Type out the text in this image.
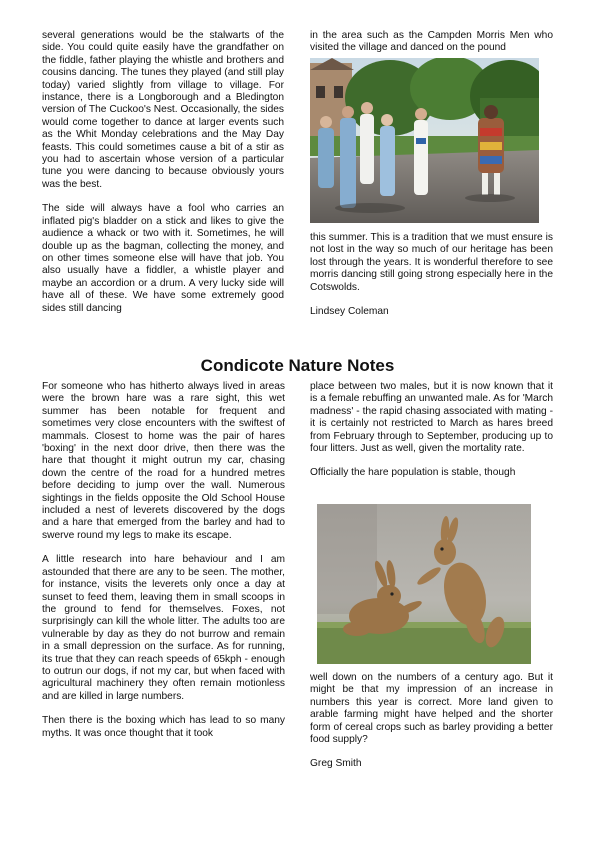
several generations would be the stalwarts of the side. You could quite easily have the grandfather on the fiddle, father playing the whistle and brothers and cousins dancing. The tunes they played (and still play today) varied slightly from village to village. For instance, there is a Longborough and a Bledington version of The Cuckoo's Nest. Occasionally, the sides would come together to dance at larger events such as the Whit Monday celebrations and the May Day feasts. This could sometimes cause a bit of a stir as you had to ascertain whose version of a particular tune you were dancing to because obviously yours was the best.

The side will always have a fool who carries an inflated pig's bladder on a stick and likes to give the audience a whack or two with it. Sometimes, he will double up as the bagman, collecting the money, and on other times someone else will have that job. You also usually have a fiddler, a whistle player and maybe an accordion or a drum. A very lucky side will have all of these. We have some extremely good sides still dancing

in the area such as the Campden Morris Men who visited the village and danced on the pound

this summer. This is a tradition that we must ensure is not lost in the way so much of our heritage has been lost through the years. It is wonderful therefore to see morris dancing still going strong especially here in the Cotswolds.

Lindsey Coleman

Condicote Nature Notes

For someone who has hitherto always lived in areas were the brown hare was a rare sight, this wet summer has been notable for frequent and sometimes very close encounters with the swiftest of mammals. Closest to home was the pair of hares 'boxing' in the next door drive, then there was the hare that thought it might outrun my car, chasing down the centre of the road for a hundred metres before deciding to jump over the wall. Numerous sightings in the fields opposite the Old School House included a nest of leverets discovered by the dogs and a hare that emerged from the barley and had to swerve round my legs to make its escape.

A little research into hare behaviour and I am astounded that there are any to be seen. The mother, for instance, visits the leverets only once a day at sunset to feed them, leaving them in small scoops in the ground to fend for themselves. Foxes, not surprisingly can kill the whole litter. The adults too are vulnerable by day as they do not burrow and remain in a small depression on the surface. As for running, its true that they can reach speeds of 65kph - enough to outrun our dogs, if not my car, but when faced with agricultural machinery they often remain motionless and are killed in large numbers.

Then there is the boxing which has lead to so many myths. It was once thought that it took

place between two males, but it is now known that it is a female rebuffing an unwanted male. As for 'March madness' - the rapid chasing associated with mating - it is certainly not restricted to March as hares breed from February through to September, producing up to four litters. Just as well, given the mortality rate.

Officially the hare population is stable, though

well down on the numbers of a century ago. But it might be that my impression of an increase in numbers this year is correct. More land given to arable farming might have helped and the shorter form of cereal crops such as barley providing a better food supply?

Greg Smith
